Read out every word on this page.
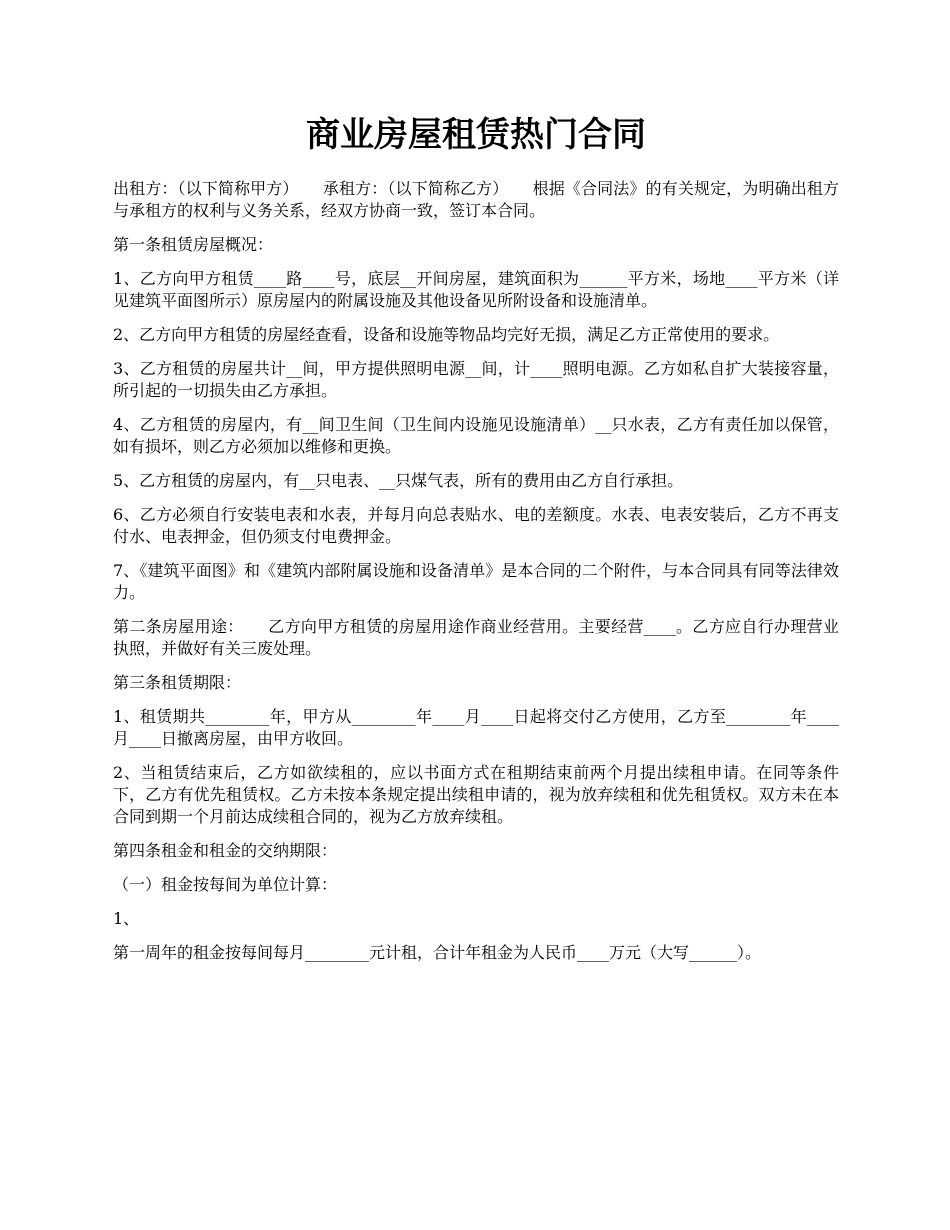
商业房屋租赁热门合同

出租方：（以下简称甲方）　　承租方：（以下简称乙方）　　根据《合同法》的有关规定，为明确出租方与承租方的权利与义务关系，经双方协商一致，签订本合同。

第一条租赁房屋概况：

1、乙方向甲方租赁____路____号，底层__开间房屋，建筑面积为______平方米，场地____平方米（详见建筑平面图所示）原房屋内的附属设施及其他设备见所附设备和设施清单。

2、乙方向甲方租赁的房屋经查看，设备和设施等物品均完好无损，满足乙方正常使用的要求。

3、乙方租赁的房屋共计__间，甲方提供照明电源__间，计____照明电源。乙方如私自扩大装接容量，所引起的一切损失由乙方承担。

4、乙方租赁的房屋内，有__间卫生间（卫生间内设施见设施清单）__只水表，乙方有责任加以保管，如有损坏，则乙方必须加以维修和更换。

5、乙方租赁的房屋内，有__只电表、__只煤气表，所有的费用由乙方自行承担。

6、乙方必须自行安装电表和水表，并每月向总表贴水、电的差额度。水表、电表安装后，乙方不再支付水、电表押金，但仍须支付电费押金。

7、《建筑平面图》和《建筑内部附属设施和设备清单》是本合同的二个附件，与本合同具有同等法律效力。

第二条房屋用途：　　乙方向甲方租赁的房屋用途作商业经营用。主要经营____。乙方应自行办理营业执照，并做好有关三废处理。

第三条租赁期限：

1、租赁期共________年，甲方从________年____月____日起将交付乙方使用，乙方至________年____月____日撤离房屋，由甲方收回。

2、当租赁结束后，乙方如欲续租的，应以书面方式在租期结束前两个月提出续租申请。在同等条件下，乙方有优先租赁权。乙方未按本条规定提出续租申请的，视为放弃续租和优先租赁权。双方未在本合同到期一个月前达成续租合同的，视为乙方放弃续租。

第四条租金和租金的交纳期限：

（一）租金按每间为单位计算：

1、

第一周年的租金按每间每月________元计租，合计年租金为人民币____万元（大写______）。
